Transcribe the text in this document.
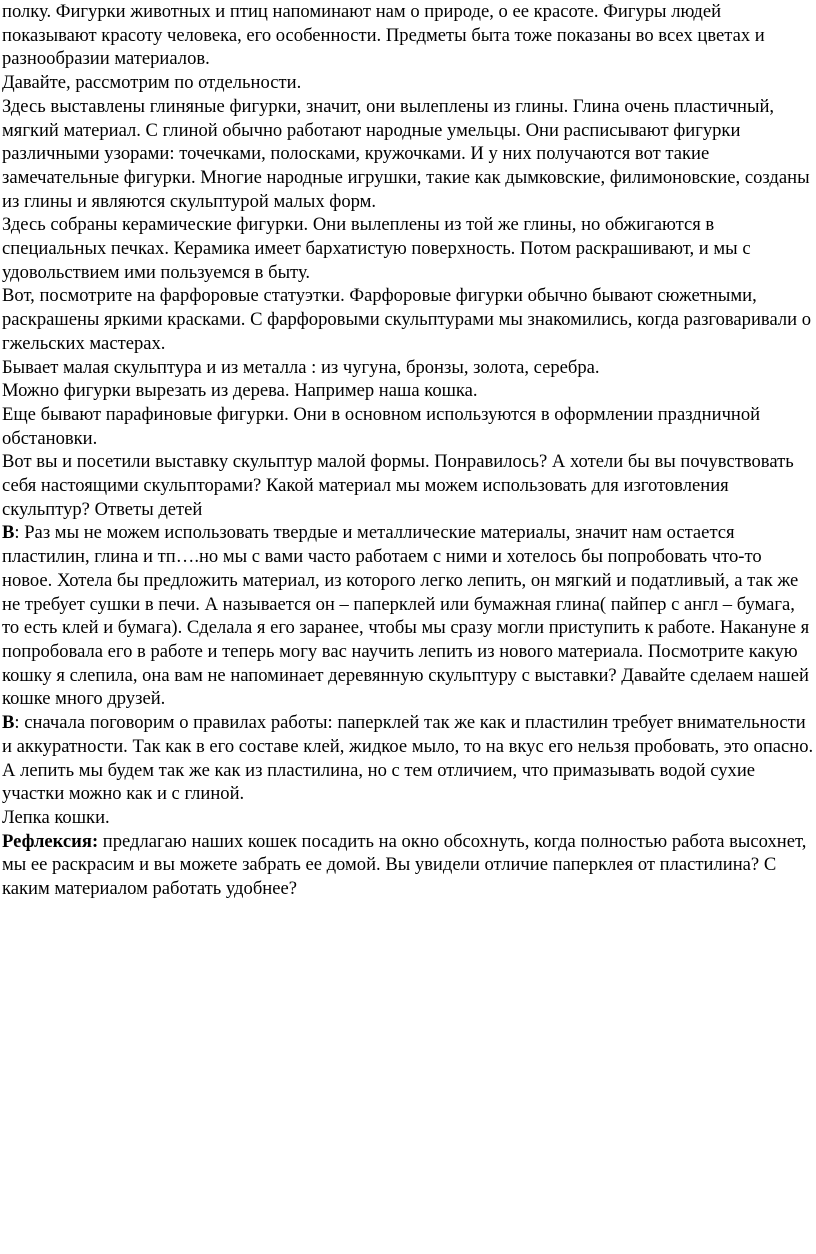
полку. Фигурки животных и птиц напоминают нам о природе, о ее красоте. Фигуры людей показывают красоту человека, его особенности. Предметы быта тоже показаны во всех цветах и разнообразии материалов.

Давайте, рассмотрим по отдельности.

Здесь выставлены глиняные фигурки, значит, они вылеплены из глины. Глина очень пластичный, мягкий материал. С глиной обычно работают народные умельцы. Они расписывают фигурки различными узорами: точечками, полосками, кружочками. И у них получаются вот такие замечательные фигурки. Многие народные игрушки, такие как дымковские, филимоновские, созданы из глины и являются скульптурой малых форм.

Здесь собраны керамические фигурки. Они вылеплены из той же глины, но обжигаются в специальных печках. Керамика имеет бархатистую поверхность. Потом раскрашивают, и мы с удовольствием ими пользуемся в быту.

Вот, посмотрите на фарфоровые статуэтки. Фарфоровые фигурки обычно бывают сюжетными, раскрашены яркими красками. С фарфоровыми скульптурами мы знакомились, когда разговаривали о гжельских мастерах.

Бывает малая скульптура и из металла : из чугуна, бронзы, золота, серебра.

Можно фигурки вырезать из дерева. Например наша кошка.

Еще бывают парафиновые фигурки. Они в основном используются в оформлении праздничной обстановки.

Вот вы и посетили выставку скульптур малой формы. Понравилось? А хотели бы вы почувствовать себя настоящими скульпторами? Какой материал мы можем использовать для изготовления скульптур? Ответы детей

В: Раз мы не можем использовать твердые и металлические материалы, значит нам остается пластилин, глина и тп….но мы с вами часто работаем с ними и хотелось бы попробовать что-то новое. Хотела бы предложить материал, из которого легко лепить, он мягкий и податливый, а так же не требует сушки в печи. А называется он – паперклей или бумажная глина( пайпер с англ – бумага, то есть клей и бумага). Сделала я его заранее, чтобы мы сразу могли приступить к работе. Накануне я попробовала его в работе и теперь могу вас научить лепить из нового материала. Посмотрите какую кошку я слепила, она вам не напоминает деревянную скульптуру с выставки? Давайте сделаем нашей кошке много друзей.

В: сначала поговорим о правилах работы: паперклей так же как и пластилин требует внимательности и аккуратности. Так как в его составе клей, жидкое мыло, то на вкус его нельзя пробовать, это опасно. А лепить мы будем так же как из пластилина, но с тем отличием, что примазывать водой сухие участки можно как и с глиной.

Лепка кошки.

Рефлексия: предлагаю наших кошек посадить на окно обсохнуть, когда полностью работа высохнет, мы ее раскрасим и вы можете забрать ее домой. Вы увидели отличие паперклея от пластилина? С каким материалом работать удобнее?
